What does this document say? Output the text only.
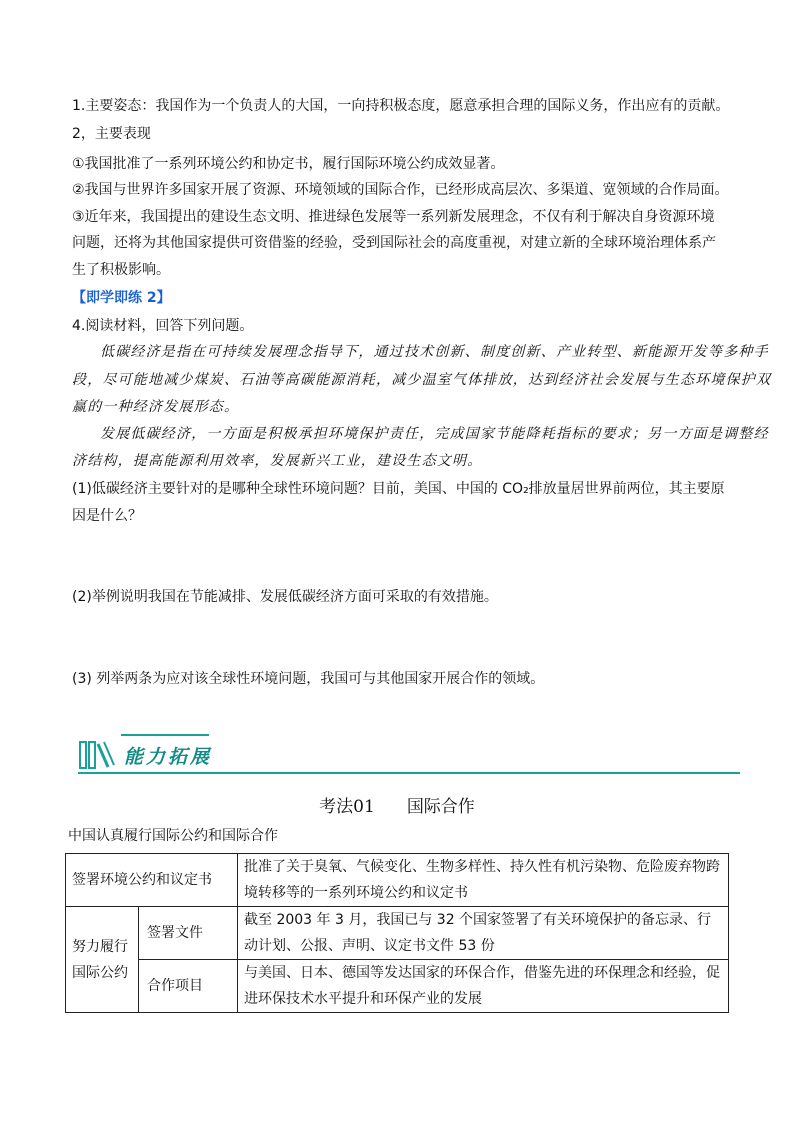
1.主要姿态：我国作为一个负责人的大国，一向持积极态度，愿意承担合理的国际义务，作出应有的贡献。
2，主要表现
①我国批准了一系列环境公约和协定书，履行国际环境公约成效显著。
②我国与世界许多国家开展了资源、环境领域的国际合作，已经形成高层次、多渠道、宽领域的合作局面。
③近年来，我国提出的建设生态文明、推进绿色发展等一系列新发展理念，不仅有利于解决自身资源环境
问题，还将为其他国家提供可资借鉴的经验，受到国际社会的高度重视，对建立新的全球环境治理体系产
生了积极影响。
【即学即练 2】
4.阅读材料，回答下列问题。
低碳经济是指在可持续发展理念指导下，通过技术创新、制度创新、产业转型、新能源开发等多种手
段，尽可能地减少煤炭、石油等高碳能源消耗，减少温室气体排放，达到经济社会发展与生态环境保护双
赢的一种经济发展形态。
发展低碳经济，一方面是积极承担环境保护责任，完成国家节能降耗指标的要求；另一方面是调整经
济结构，提高能源利用效率，发展新兴工业，建设生态文明。
(1)低碳经济主要针对的是哪种全球性环境问题？目前，美国、中国的 CO₂排放量居世界前两位，其主要原
因是什么？
(2)举例说明我国在节能减排、发展低碳经济方面可采取的有效措施。
(3) 列举两条为应对该全球性环境问题，我国可与其他国家开展合作的领域。
能力拓展
考法01 国际合作
中国认真履行国际公约和国际合作
签署环境公约和议定书		批准了关于臭氧、气候变化、生物多样性、持久性有机污染物、危险废弃物跨境转移等的一系列环境公约和议定书
努力履行国际公约	签署文件	截至 2003 年 3 月，我国已与 32 个国家签署了有关环境保护的备忘录、行动计划、公报、声明、议定书文件 53 份
	合作项目	与美国、日本、德国等发达国家的环保合作，借鉴先进的环保理念和经验，促进环保技术水平提升和环保产业的发展
